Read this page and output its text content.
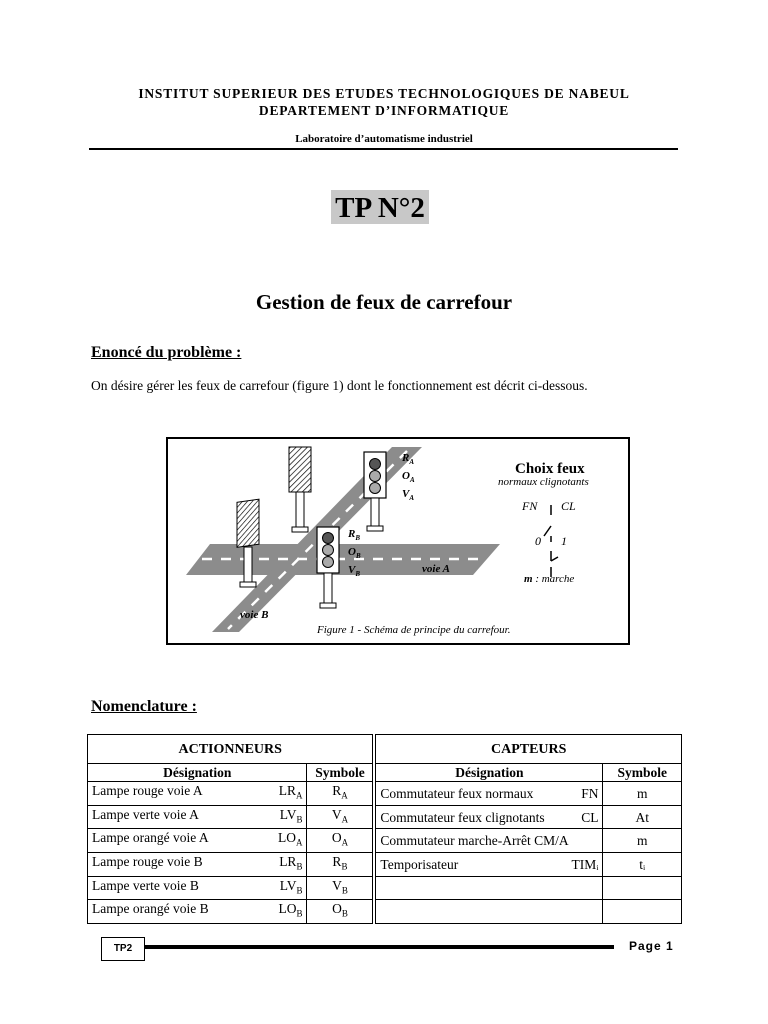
INSTITUT SUPERIEUR DES ETUDES TECHNOLOGIQUES DE NABEUL
DEPARTEMENT D’INFORMATIQUE
Laboratoire d’automatisme industriel
TP N°2
Gestion de feux de carrefour
Enoncé du problème :
On désire gérer les feux de carrefour (figure 1) dont le fonctionnement est décrit ci-dessous.
Choix feux
normaux clignotants
FN CL
0 1
m : marche
voie A
voie B
Figure 1 - Schéma de principe du carrefour.
$R_A$
$O_A$
$V_A$
$R_B$
$O_B$
$V_B$
Nomenclature :
ACTIONNEURS		CAPTEURS	
Désignation	Symbole	Désignation	Symbole

Lampe rouge voie A $LR_A$	$R_A$	Commutateur feux normaux FN	m

Lampe verte voie A $LV_B$	$V_A$	Commutateur feux clignotants CL	At

Lampe orangé voie A $LO_A$	$O_A$	Commutateur marche-Arrêt CM/A	m

Lampe rouge voie B $LR_B$	$R_B$	Temporisateur TIMᵢ	tᵢ

Lampe verte voie B $LV_B$	$V_B$	

Lampe orangé voie B $LO_B$	$O_B$	

TP2	Page 1
